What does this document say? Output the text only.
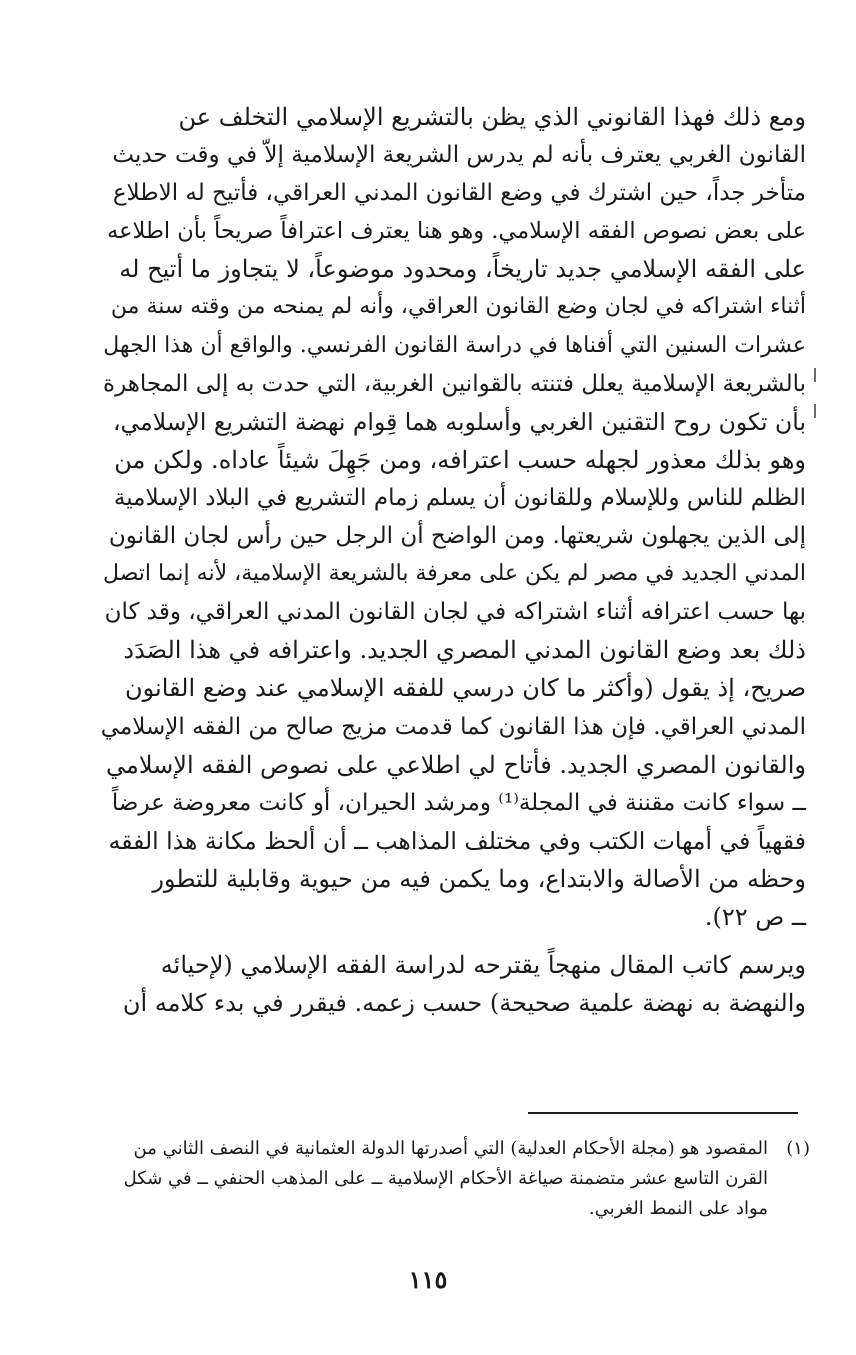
ومع ذلك فهذا القانوني الذي يظن بالتشريع الإسلامي التخلف عن
القانون الغربي يعترف بأنه لم يدرس الشريعة الإسلامية إلاّ في وقت حديث
متأخر جداً، حين اشترك في وضع القانون المدني العراقي، فأتيح له الاطلاع
على بعض نصوص الفقه الإسلامي. وهو هنا يعترف اعترافاً صريحاً بأن اطلاعه
على الفقه الإسلامي جديد تاريخاً، ومحدود موضوعاً، لا يتجاوز ما أتيح له
أثناء اشتراكه في لجان وضع القانون العراقي، وأنه لم يمنحه من وقته سنة من
عشرات السنين التي أفناها في دراسة القانون الفرنسي. والواقع أن هذا الجهل
بالشريعة الإسلامية يعلل فتنته بالقوانين الغربية، التي حدت به إلى المجاهرة
بأن تكون روح التقنين الغربي وأسلوبه هما قِوام نهضة التشريع الإسلامي،
وهو بذلك معذور لجهله حسب اعترافه، ومن جَهِلَ شيئاً عاداه. ولكن من
الظلم للناس وللإسلام وللقانون أن يسلم زمام التشريع في البلاد الإسلامية
إلى الذين يجهلون شريعتها. ومن الواضح أن الرجل حين رأس لجان القانون
المدني الجديد في مصر لم يكن على معرفة بالشريعة الإسلامية، لأنه إنما اتصل
بها حسب اعترافه أثناء اشتراكه في لجان القانون المدني العراقي، وقد كان
ذلك بعد وضع القانون المدني المصري الجديد. واعترافه في هذا الصَدَد
صريح، إذ يقول (وأكثر ما كان درسي للفقه الإسلامي عند وضع القانون
المدني العراقي. فإن هذا القانون كما قدمت مزيج صالح من الفقه الإسلامي
والقانون المصري الجديد. فأتاح لي اطلاعي على نصوص الفقه الإسلامي
ــ سواء كانت مقننة في المجلة⁽¹⁾ ومرشد الحيران، أو كانت معروضة عرضاً
فقهياً في أمهات الكتب وفي مختلف المذاهب ــ أن ألحظ مكانة هذا الفقه
وحظه من الأصالة والابتداع، وما يكمن فيه من حيوية وقابلية للتطور
ــ ص ٢٢).

ويرسم كاتب المقال منهجاً يقترحه لدراسة الفقه الإسلامي (لإحيائه
والنهضة به نهضة علمية صحيحة) حسب زعمه. فيقرر في بدء كلامه أن

(١)المقصود هو (مجلة الأحكام العدلية) التي أصدرتها الدولة العثمانية في النصف الثاني من
القرن التاسع عشر متضمنة صياغة الأحكام الإسلامية ــ على المذهب الحنفي ــ في شكل
مواد على النمط الغربي.
١١٥
